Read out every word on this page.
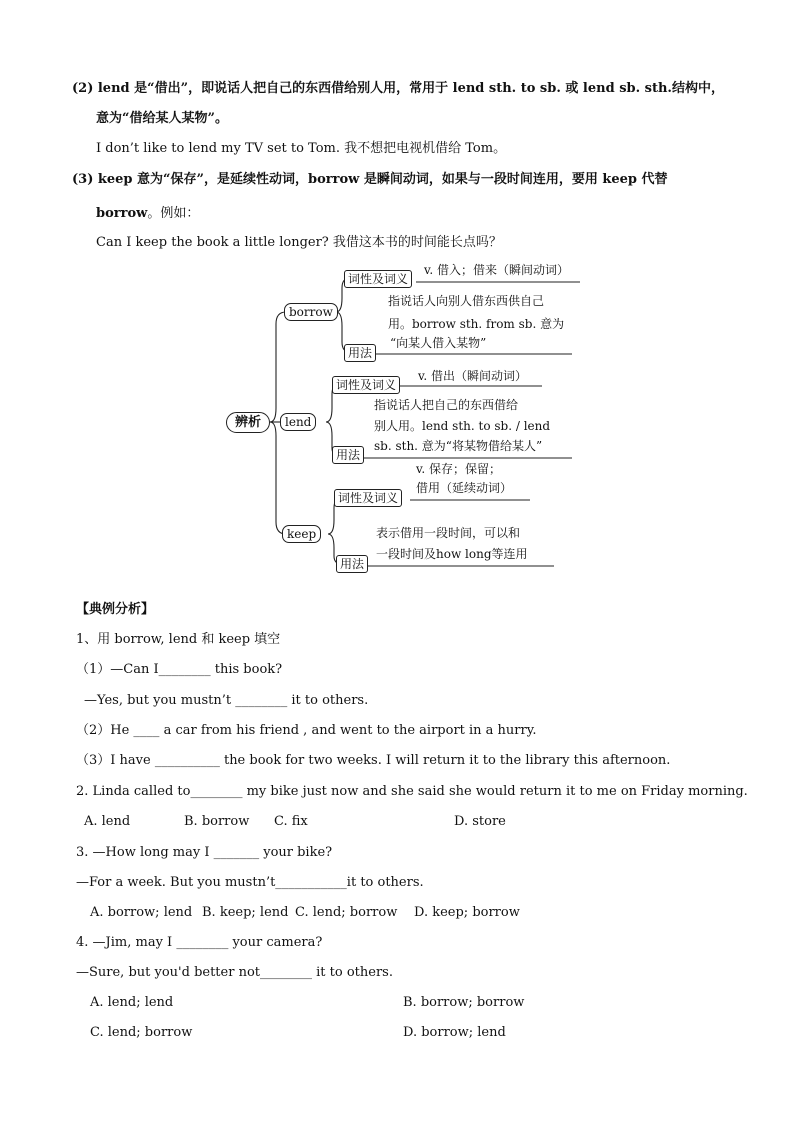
(2) lend 是“借出”，即说话人把自己的东西借给别人用，常用于 lend sth. to sb. 或 lend sb. sth.结构中，
意为“借给某人某物”。
I don’t like to lend my TV set to Tom. 我不想把电视机借给 Tom。
(3) keep 意为“保存”，是延续性动词，borrow 是瞬间动词，如果与一段时间连用，要用 keep 代替
borrow。例如：
Can I keep the book a little longer? 我借这本书的时间能长点吗？
辨析
borrow
词性及词义
v. 借入；借来（瞬间动词）
指说话人向别人借东西供自己
用。borrow sth. from sb. 意为
“向某人借入某物”
用法
lend
词性及词义
v. 借出（瞬间动词）
指说话人把自己的东西借给
别人用。lend sth. to sb. / lend
sb. sth. 意为“将某物借给某人”
用法
keep
v. 保存；保留；
借用（延续动词）
词性及词义
表示借用一段时间，可以和
一段时间及how long等连用
用法
【典例分析】
1、用 borrow, lend 和 keep 填空
（1）—Can I________ this book?
—Yes, but you mustn’t ________ it to others.
（2）He ____ a car from his friend , and went to the airport in a hurry.
（3）I have __________ the book for two weeks. I will return it to the library this afternoon.
2. Linda called to________ my bike just now and she said she would return it to me on Friday morning.
A. lend	B. borrow C. fix	D. store
3. —How long may I _______ your bike?
—For a week. But you mustn’t___________it to others.
A. borrow; lend B. keep; lend C. lend; borrow D. keep; borrow
4. —Jim, may I ________ your camera?
—Sure, but you'd better not________ it to others.
A. lend; lend	B. borrow; borrow
C. lend; borrow	D. borrow; lend
